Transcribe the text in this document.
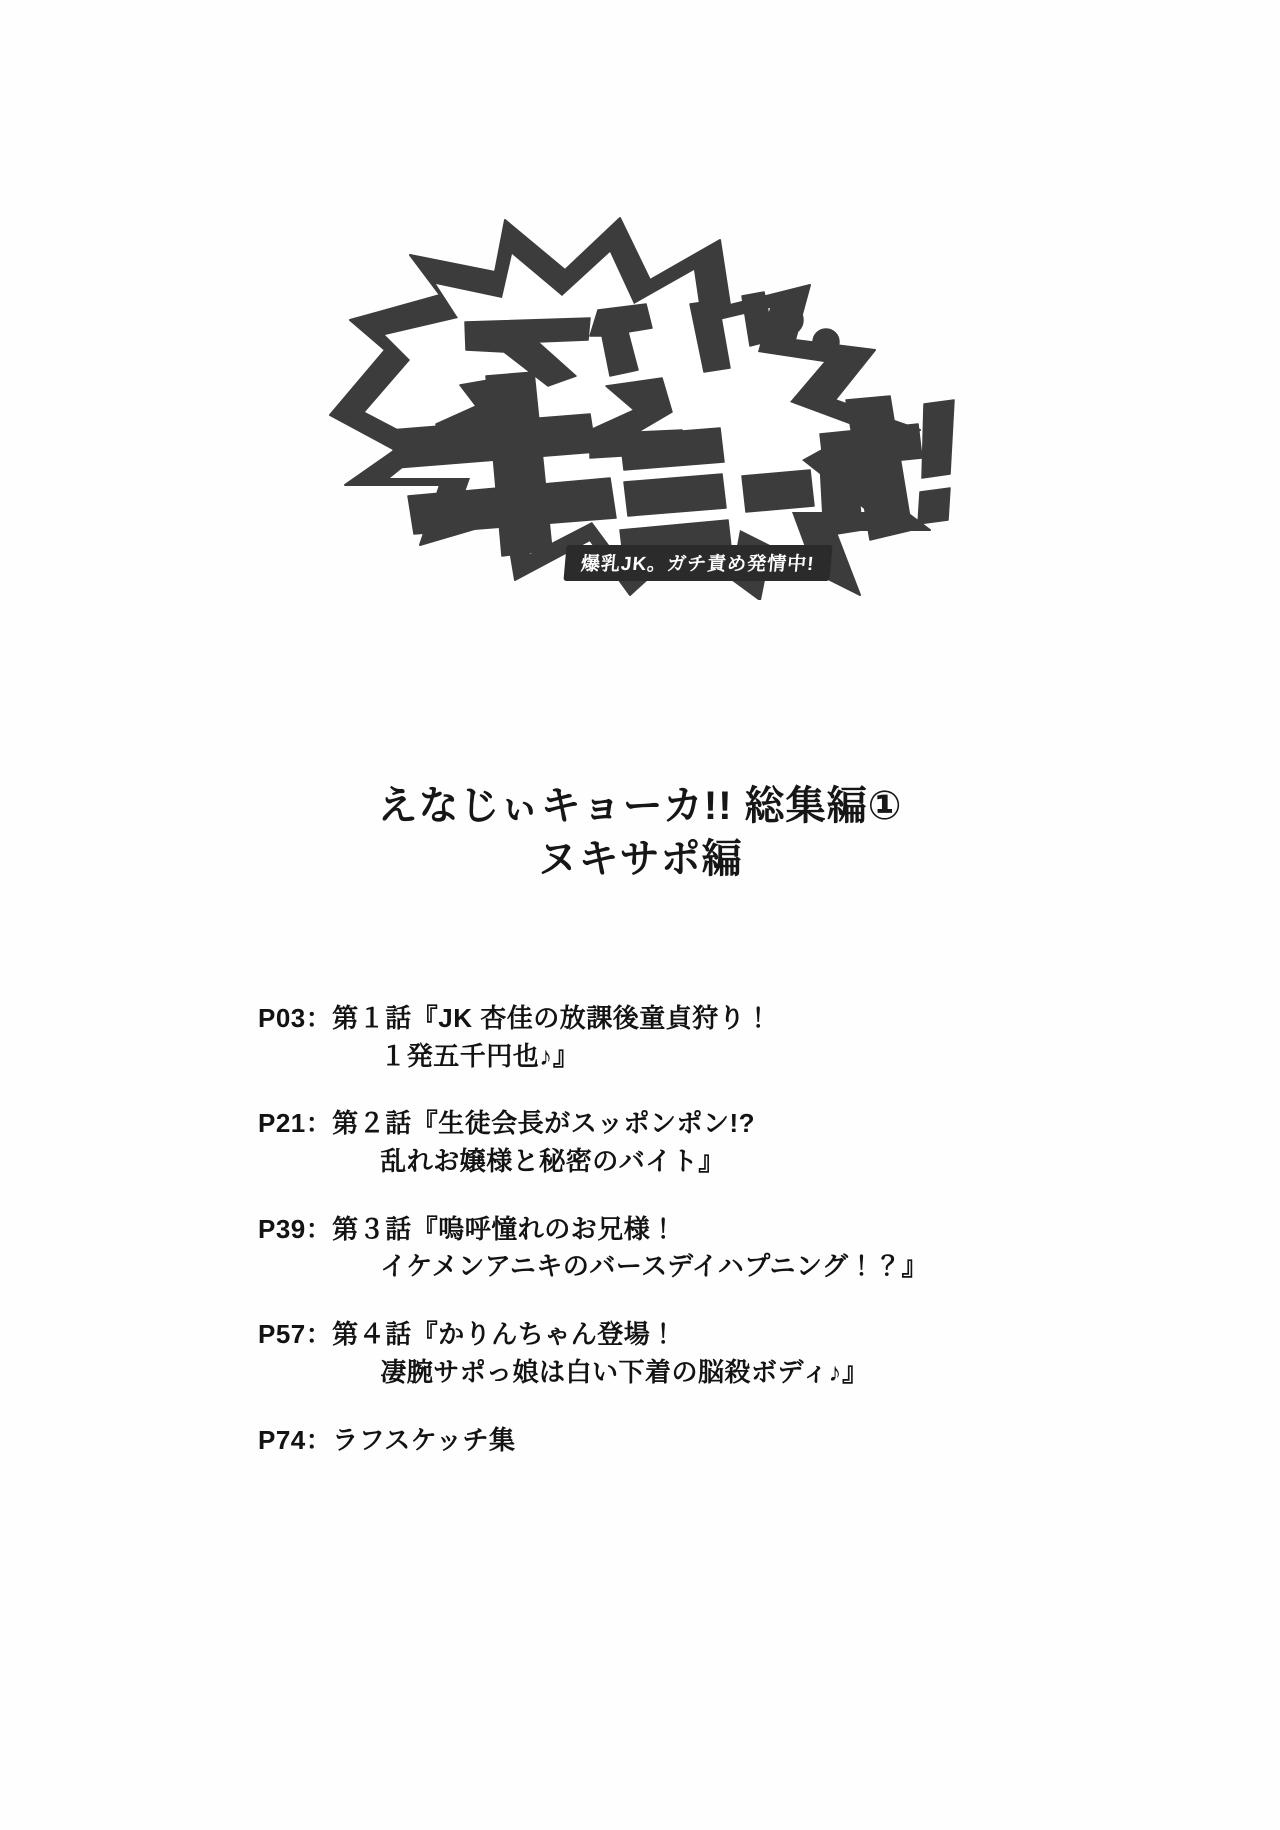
爆乳JK。ガチ責め発情中!
えなじぃキョーカ!! 総集編①
ヌキサポ編
P03 ： 第１話『JK 杏佳の放課後童貞狩り！
１発五千円也♪』
P21 ： 第２話『生徒会長がスッポンポン!?
乱れお嬢様と秘密のバイト』
P39 ： 第３話『嗚呼憧れのお兄様！
イケメンアニキのバースデイハプニング！？』
P57 ： 第４話『かりんちゃん登場！
凄腕サポっ娘は白い下着の脳殺ボディ♪』
P74 ： ラフスケッチ集
